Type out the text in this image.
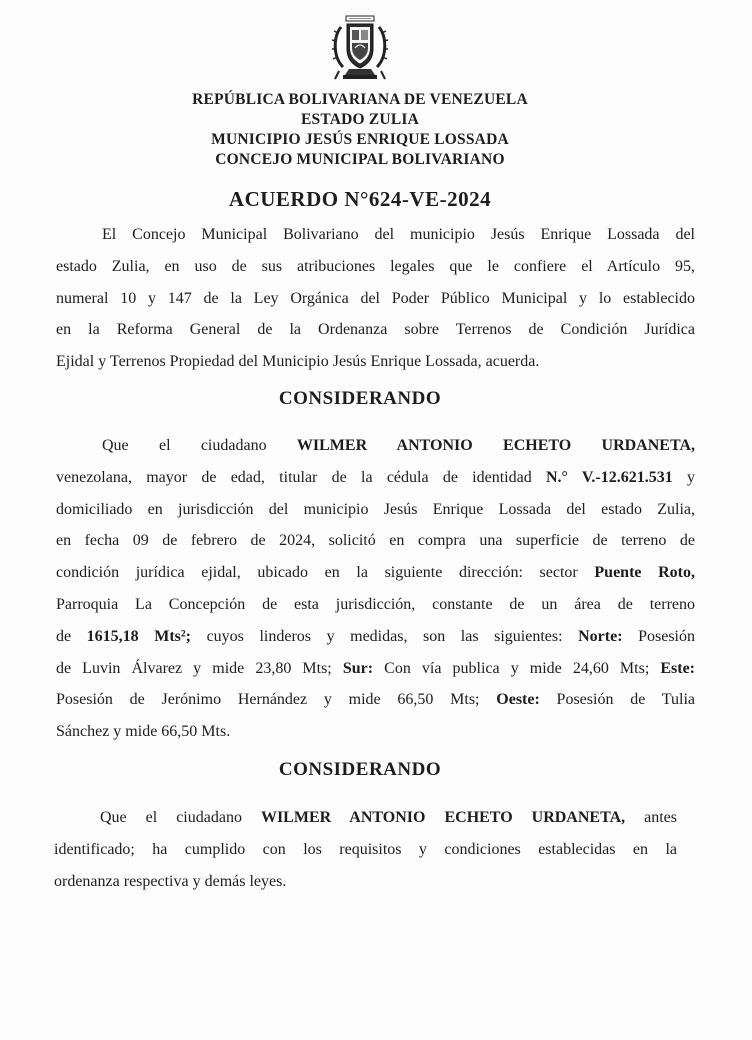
REPÚBLICA BOLIVARIANA DE VENEZUELA
ESTADO ZULIA
MUNICIPIO JESÚS ENRIQUE LOSSADA
CONCEJO MUNICIPAL BOLIVARIANO
ACUERDO N°624-VE-2024
El Concejo Municipal Bolivariano del municipio Jesús Enrique Lossada del
estado Zulia, en uso de sus atribuciones legales que le confiere el Artículo 95,
numeral 10 y 147 de la Ley Orgánica del Poder Público Municipal y lo establecido
en la Reforma General de la Ordenanza sobre Terrenos de Condición Jurídica
Ejidal y Terrenos Propiedad del Municipio Jesús Enrique Lossada, acuerda.
CONSIDERANDO
Que el ciudadano WILMER ANTONIO ECHETO URDANETA,
venezolana, mayor de edad, titular de la cédula de identidad N.° V.-12.621.531 y
domiciliado en jurisdicción del municipio Jesús Enrique Lossada del estado Zulia,
en fecha 09 de febrero de 2024, solicitó en compra una superficie de terreno de
condición jurídica ejidal, ubicado en la siguiente dirección: sector Puente Roto,
Parroquia La Concepción de esta jurisdicción, constante de un área de terreno
de 1615,18 Mts²; cuyos linderos y medidas, son las siguientes: Norte: Posesión
de Luvin Álvarez y mide 23,80 Mts; Sur: Con vía publica y mide 24,60 Mts; Este:
Posesión de Jerónimo Hernández y mide 66,50 Mts; Oeste: Posesión de Tulia
Sánchez y mide 66,50 Mts.
CONSIDERANDO
Que el ciudadano WILMER ANTONIO ECHETO URDANETA, antes
identificado; ha cumplido con los requisitos y condiciones establecidas en la
ordenanza respectiva y demás leyes.
